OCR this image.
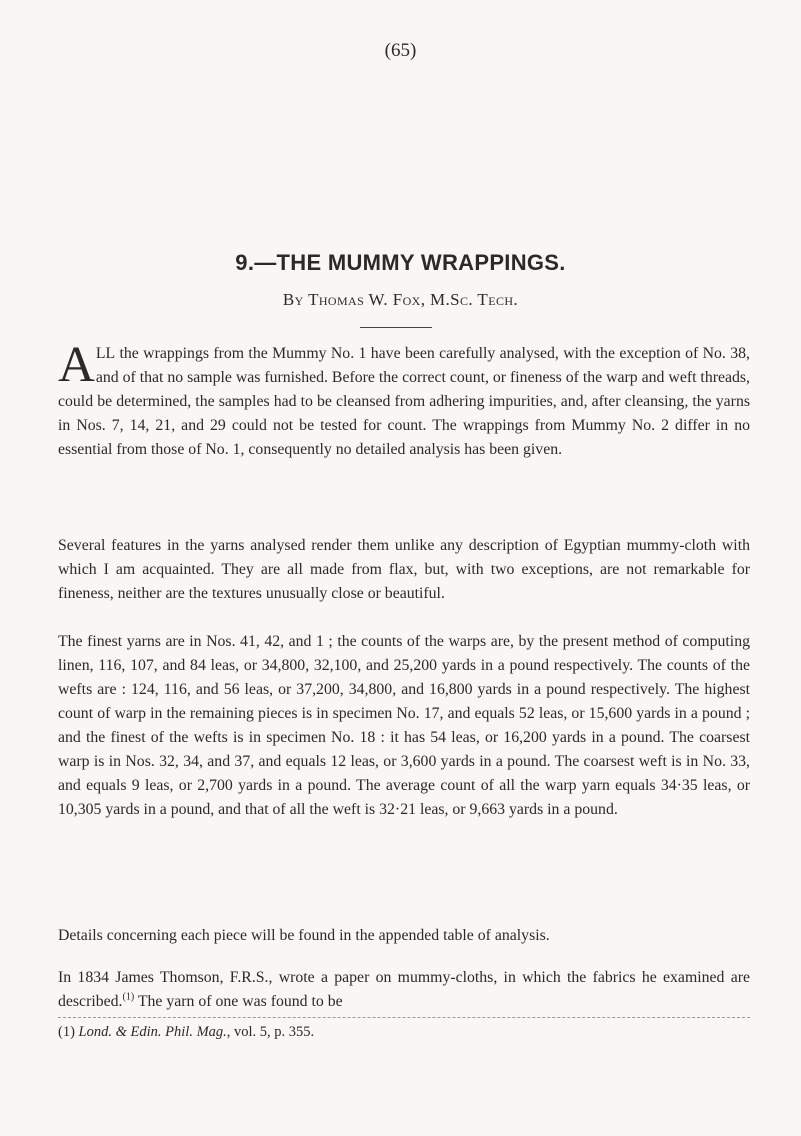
(65)
9.—THE MUMMY WRAPPINGS.
By Thomas W. Fox, M.Sc. Tech.

ALL the wrappings from the Mummy No. 1 have been carefully analysed, with the exception of No. 38, and of that no sample was furnished. Before the correct count, or fineness of the warp and weft threads, could be determined, the samples had to be cleansed from adhering impurities, and, after cleansing, the yarns in Nos. 7, 14, 21, and 29 could not be tested for count. The wrappings from Mummy No. 2 differ in no essential from those of No. 1, consequently no detailed analysis has been given.

Several features in the yarns analysed render them unlike any description of Egyptian mummy-cloth with which I am acquainted. They are all made from flax, but, with two exceptions, are not remarkable for fineness, neither are the textures unusually close or beautiful.

The finest yarns are in Nos. 41, 42, and 1 ; the counts of the warps are, by the present method of computing linen, 116, 107, and 84 leas, or 34,800, 32,100, and 25,200 yards in a pound respectively. The counts of the wefts are : 124, 116, and 56 leas, or 37,200, 34,800, and 16,800 yards in a pound respectively. The highest count of warp in the remaining pieces is in specimen No. 17, and equals 52 leas, or 15,600 yards in a pound ; and the finest of the wefts is in specimen No. 18 : it has 54 leas, or 16,200 yards in a pound. The coarsest warp is in Nos. 32, 34, and 37, and equals 12 leas, or 3,600 yards in a pound. The coarsest weft is in No. 33, and equals 9 leas, or 2,700 yards in a pound. The average count of all the warp yarn equals 34·35 leas, or 10,305 yards in a pound, and that of all the weft is 32·21 leas, or 9,663 yards in a pound.

Details concerning each piece will be found in the appended table of analysis.

In 1834 James Thomson, F.R.S., wrote a paper on mummy-cloths, in which the fabrics he examined are described.$^{(1)}$ The yarn of one was found to be

(1) Lond. & Edin. Phil. Mag., vol. 5, p. 355.
